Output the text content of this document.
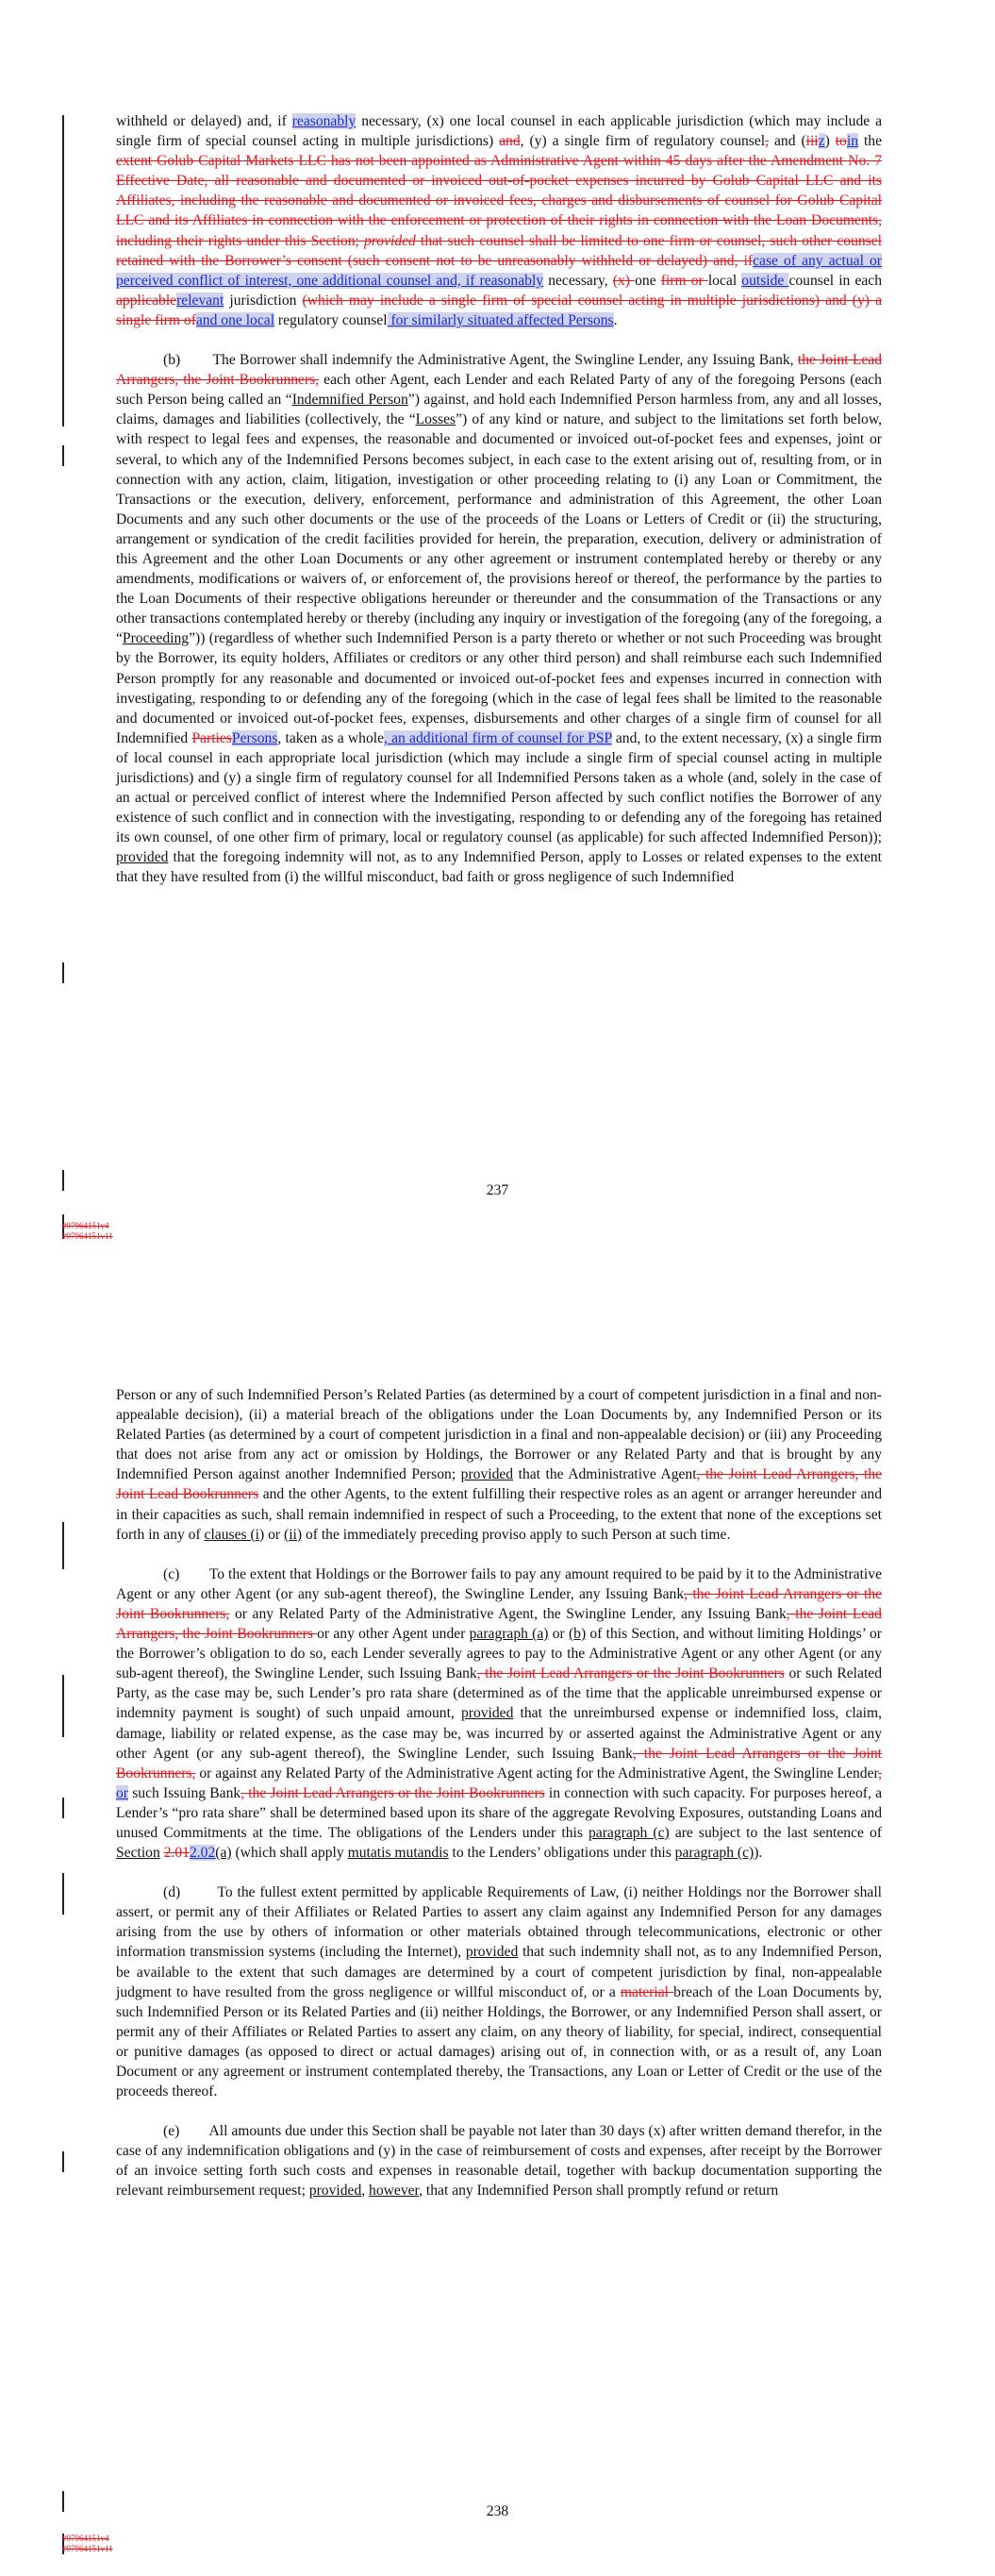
withheld or delayed) and, if reasonably necessary, (x) one local counsel in each applicable jurisdiction (which may include a single firm of special counsel acting in multiple jurisdictions) and, (y) a single firm of regulatory counsel, and (iiiz) toin the extent Golub Capital Markets LLC has not been appointed as Administrative Agent within 45 days after the Amendment No. 7 Effective Date, all reasonable and documented or invoiced out-of-pocket expenses incurred by Golub Capital LLC and its Affiliates, including the reasonable and documented or invoiced fees, charges and disbursements of counsel for Golub Capital LLC and its Affiliates in connection with the enforcement or protection of their rights in connection with the Loan Documents, including their rights under this Section; provided that such counsel shall be limited to one firm or counsel, such other counsel retained with the Borrower’s consent (such consent not to be unreasonably withheld or delayed) and, ifcase of any actual or perceived conflict of interest, one additional counsel and, if reasonably necessary, (x) one firm or local outside counsel in each applicablerelevant jurisdiction (which may include a single firm of special counsel acting in multiple jurisdictions) and (y) a single firm ofand one local regulatory counsel for similarly situated affected Persons.

(b)        The Borrower shall indemnify the Administrative Agent, the Swingline Lender, any Issuing Bank, the Joint Lead Arrangers, the Joint Bookrunners, each other Agent, each Lender and each Related Party of any of the foregoing Persons (each such Person being called an “Indemnified Person”) against, and hold each Indemnified Person harmless from, any and all losses, claims, damages and liabilities (collectively, the “Losses”) of any kind or nature, and subject to the limitations set forth below, with respect to legal fees and expenses, the reasonable and documented or invoiced out-of-pocket fees and expenses, joint or several, to which any of the Indemnified Persons becomes subject, in each case to the extent arising out of, resulting from, or in connection with any action, claim, litigation, investigation or other proceeding relating to (i) any Loan or Commitment, the Transactions or the execution, delivery, enforcement, performance and administration of this Agreement, the other Loan Documents and any such other documents or the use of the proceeds of the Loans or Letters of Credit or (ii) the structuring, arrangement or syndication of the credit facilities provided for herein, the preparation, execution, delivery or administration of this Agreement and the other Loan Documents or any other agreement or instrument contemplated hereby or thereby or any amendments, modifications or waivers of, or enforcement of, the provisions hereof or thereof, the performance by the parties to the Loan Documents of their respective obligations hereunder or thereunder and the consummation of the Transactions or any other transactions contemplated hereby or thereby (including any inquiry or investigation of the foregoing (any of the foregoing, a “Proceeding”)) (regardless of whether such Indemnified Person is a party thereto or whether or not such Proceeding was brought by the Borrower, its equity holders, Affiliates or creditors or any other third person) and shall reimburse each such Indemnified Person promptly for any reasonable and documented or invoiced out-of-pocket fees and expenses incurred in connection with investigating, responding to or defending any of the foregoing (which in the case of legal fees shall be limited to the reasonable and documented or invoiced out-of-pocket fees, expenses, disbursements and other charges of a single firm of counsel for all Indemnified PartiesPersons, taken as a whole, an additional firm of counsel for PSP and, to the extent necessary, (x) a single firm of local counsel in each appropriate local jurisdiction (which may include a single firm of special counsel acting in multiple jurisdictions) and (y) a single firm of regulatory counsel for all Indemnified Persons taken as a whole (and, solely in the case of an actual or perceived conflict of interest where the Indemnified Person affected by such conflict notifies the Borrower of any existence of such conflict and in connection with the investigating, responding to or defending any of the foregoing has retained its own counsel, of one other firm of primary, local or regulatory counsel (as applicable) for such affected Indemnified Person)); provided that the foregoing indemnity will not, as to any Indemnified Person, apply to Losses or related expenses to the extent that they have resulted from (i) the willful misconduct, bad faith or gross negligence of such Indemnified

237
#97964151v4
#97964151v11

Person or any of such Indemnified Person’s Related Parties (as determined by a court of competent jurisdiction in a final and non-appealable decision), (ii) a material breach of the obligations under the Loan Documents by, any Indemnified Person or its Related Parties (as determined by a court of competent jurisdiction in a final and non-appealable decision) or (iii) any Proceeding that does not arise from any act or omission by Holdings, the Borrower or any Related Party and that is brought by any Indemnified Person against another Indemnified Person; provided that the Administrative Agent, the Joint Lead Arrangers, the Joint Lead Bookrunners and the other Agents, to the extent fulfilling their respective roles as an agent or arranger hereunder and in their capacities as such, shall remain indemnified in respect of such a Proceeding, to the extent that none of the exceptions set forth in any of clauses (i) or (ii) of the immediately preceding proviso apply to such Person at such time.

(c)        To the extent that Holdings or the Borrower fails to pay any amount required to be paid by it to the Administrative Agent or any other Agent (or any sub-agent thereof), the Swingline Lender, any Issuing Bank, the Joint Lead Arrangers or the Joint Bookrunners, or any Related Party of the Administrative Agent, the Swingline Lender, any Issuing Bank, the Joint Lead Arrangers, the Joint Bookrunners or any other Agent under paragraph (a) or (b) of this Section, and without limiting Holdings’ or the Borrower’s obligation to do so, each Lender severally agrees to pay to the Administrative Agent or any other Agent (or any sub-agent thereof), the Swingline Lender, such Issuing Bank, the Joint Lead Arrangers or the Joint Bookrunners or such Related Party, as the case may be, such Lender’s pro rata share (determined as of the time that the applicable unreimbursed expense or indemnity payment is sought) of such unpaid amount, provided that the unreimbursed expense or indemnified loss, claim, damage, liability or related expense, as the case may be, was incurred by or asserted against the Administrative Agent or any other Agent (or any sub-agent thereof), the Swingline Lender, such Issuing Bank, the Joint Lead Arrangers or the Joint Bookrunners, or against any Related Party of the Administrative Agent acting for the Administrative Agent, the Swingline Lender, or such Issuing Bank, the Joint Lead Arrangers or the Joint Bookrunners in connection with such capacity. For purposes hereof, a Lender’s “pro rata share” shall be determined based upon its share of the aggregate Revolving Exposures, outstanding Loans and unused Commitments at the time. The obligations of the Lenders under this paragraph (c) are subject to the last sentence of Section 2.012.02(a) (which shall apply mutatis mutandis to the Lenders’ obligations under this paragraph (c)).

(d)        To the fullest extent permitted by applicable Requirements of Law, (i) neither Holdings nor the Borrower shall assert, or permit any of their Affiliates or Related Parties to assert any claim against any Indemnified Person for any damages arising from the use by others of information or other materials obtained through telecommunications, electronic or other information transmission systems (including the Internet), provided that such indemnity shall not, as to any Indemnified Person, be available to the extent that such damages are determined by a court of competent jurisdiction by final, non-appealable judgment to have resulted from the gross negligence or willful misconduct of, or a material breach of the Loan Documents by, such Indemnified Person or its Related Parties and (ii) neither Holdings, the Borrower, or any Indemnified Person shall assert, or permit any of their Affiliates or Related Parties to assert any claim, on any theory of liability, for special, indirect, consequential or punitive damages (as opposed to direct or actual damages) arising out of, in connection with, or as a result of, any Loan Document or any agreement or instrument contemplated thereby, the Transactions, any Loan or Letter of Credit or the use of the proceeds thereof.

(e)        All amounts due under this Section shall be payable not later than 30 days (x) after written demand therefor, in the case of any indemnification obligations and (y) in the case of reimbursement of costs and expenses, after receipt by the Borrower of an invoice setting forth such costs and expenses in reasonable detail, together with backup documentation supporting the relevant reimbursement request; provided, however, that any Indemnified Person shall promptly refund or return

238
#97964151v4
#97964151v11
